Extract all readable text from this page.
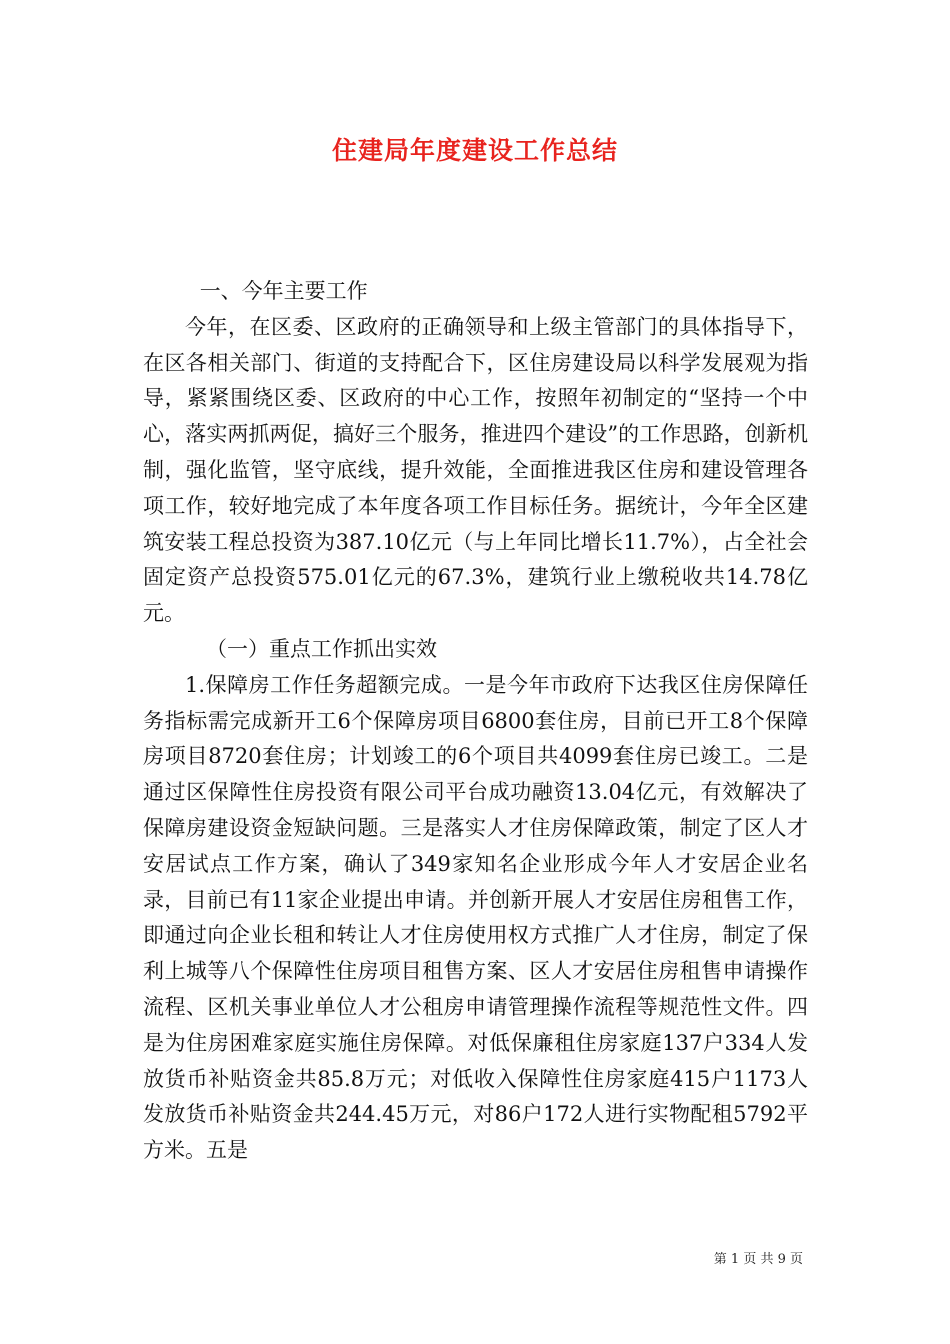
住建局年度建设工作总结

一、今年主要工作

今年，在区委、区政府的正确领导和上级主管部门的具体指导下，在区各相关部门、街道的支持配合下，区住房建设局以科学发展观为指导，紧紧围绕区委、区政府的中心工作，按照年初制定的“坚持一个中心，落实两抓两促，搞好三个服务，推进四个建设”的工作思路，创新机制，强化监管，坚守底线，提升效能，全面推进我区住房和建设管理各项工作，较好地完成了本年度各项工作目标任务。据统计，今年全区建筑安装工程总投资为387.10亿元（与上年同比增长11.7%），占全社会固定资产总投资575.01亿元的67.3%，建筑行业上缴税收共14.78亿元。

（一）重点工作抓出实效

1.保障房工作任务超额完成。一是今年市政府下达我区住房保障任务指标需完成新开工6个保障房项目6800套住房，目前已开工8个保障房项目8720套住房；计划竣工的6个项目共4099套住房已竣工。二是通过区保障性住房投资有限公司平台成功融资13.04亿元，有效解决了保障房建设资金短缺问题。三是落实人才住房保障政策，制定了区人才安居试点工作方案，确认了349家知名企业形成今年人才安居企业名录，目前已有11家企业提出申请。并创新开展人才安居住房租售工作，即通过向企业长租和转让人才住房使用权方式推广人才住房，制定了保利上城等八个保障性住房项目租售方案、区人才安居住房租售申请操作流程、区机关事业单位人才公租房申请管理操作流程等规范性文件。四是为住房困难家庭实施住房保障。对低保廉租住房家庭137户334人发放货币补贴资金共85.8万元；对低收入保障性住房家庭415户1173人发放货币补贴资金共244.45万元，对86户172人进行实物配租5792平方米。五是

第 1 页 共 9 页
